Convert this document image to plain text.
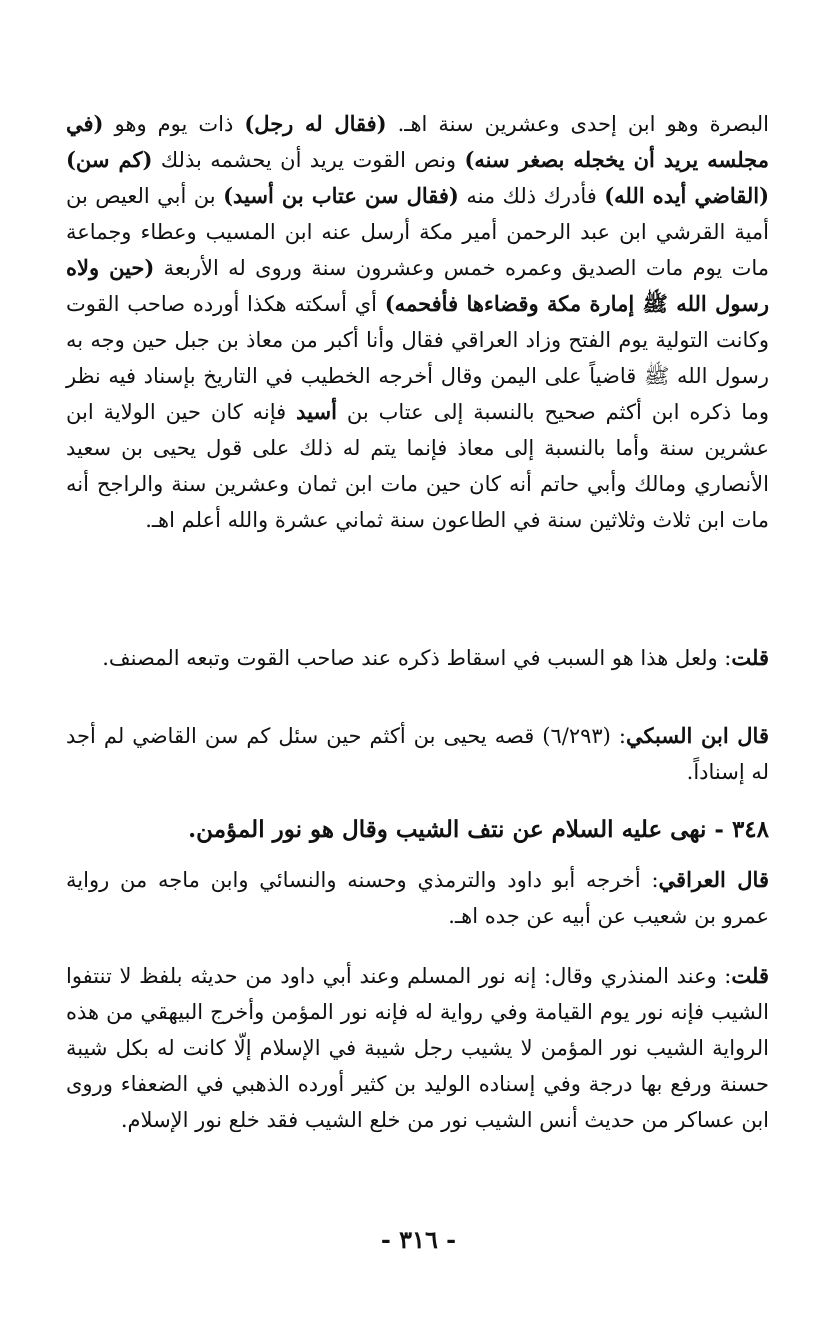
البصرة وهو ابن إحدى وعشرين سنة اهـ. (فقال له رجل) ذات يوم وهو (في مجلسه يريد أن يخجله بصغر سنه) ونص القوت يريد أن يحشمه بذلك (كم سن) (القاضي أيده الله) فأدرك ذلك منه (فقال سن عتاب بن أسيد) بن أبي العيص بن أمية القرشي ابن عبد الرحمن أمير مكة أرسل عنه ابن المسيب وعطاء وجماعة مات يوم مات الصديق وعمره خمس وعشرون سنة وروى له الأربعة (حين ولاه رسول الله ﷺ إمارة مكة وقضاءها فأفحمه) أي أسكته هكذا أورده صاحب القوت وكانت التولية يوم الفتح وزاد العراقي فقال وأنا أكبر من معاذ بن جبل حين وجه به رسول الله ﷺ قاضياً على اليمن وقال أخرجه الخطيب في التاريخ بإسناد فيه نظر وما ذكره ابن أكثم صحيح بالنسبة إلى عتاب بن أسيد فإنه كان حين الولاية ابن عشرين سنة وأما بالنسبة إلى معاذ فإنما يتم له ذلك على قول يحيى بن سعيد الأنصاري ومالك وأبي حاتم أنه كان حين مات ابن ثمان وعشرين سنة والراجح أنه مات ابن ثلاث وثلاثين سنة في الطاعون سنة ثماني عشرة والله أعلم اهـ.
قلت: ولعل هذا هو السبب في اسقاط ذكره عند صاحب القوت وتبعه المصنف.
قال ابن السبكي: (٦/٢٩٣) قصه يحيى بن أكثم حين سئل كم سن القاضي لم أجد له إسناداً.
٣٤٨ - نهى عليه السلام عن نتف الشيب وقال هو نور المؤمن.
قال العراقي: أخرجه أبو داود والترمذي وحسنه والنسائي وابن ماجه من رواية عمرو بن شعيب عن أبيه عن جده اهـ.
قلت: وعند المنذري وقال: إنه نور المسلم وعند أبي داود من حديثه بلفظ لا تنتفوا الشيب فإنه نور يوم القيامة وفي رواية له فإنه نور المؤمن وأخرج البيهقي من هذه الرواية الشيب نور المؤمن لا يشيب رجل شيبة في الإسلام إلّا كانت له بكل شيبة حسنة ورفع بها درجة وفي إسناده الوليد بن كثير أورده الذهبي في الضعفاء وروى ابن عساكر من حديث أنس الشيب نور من خلع الشيب فقد خلع نور الإسلام.
- ٣١٦ -
